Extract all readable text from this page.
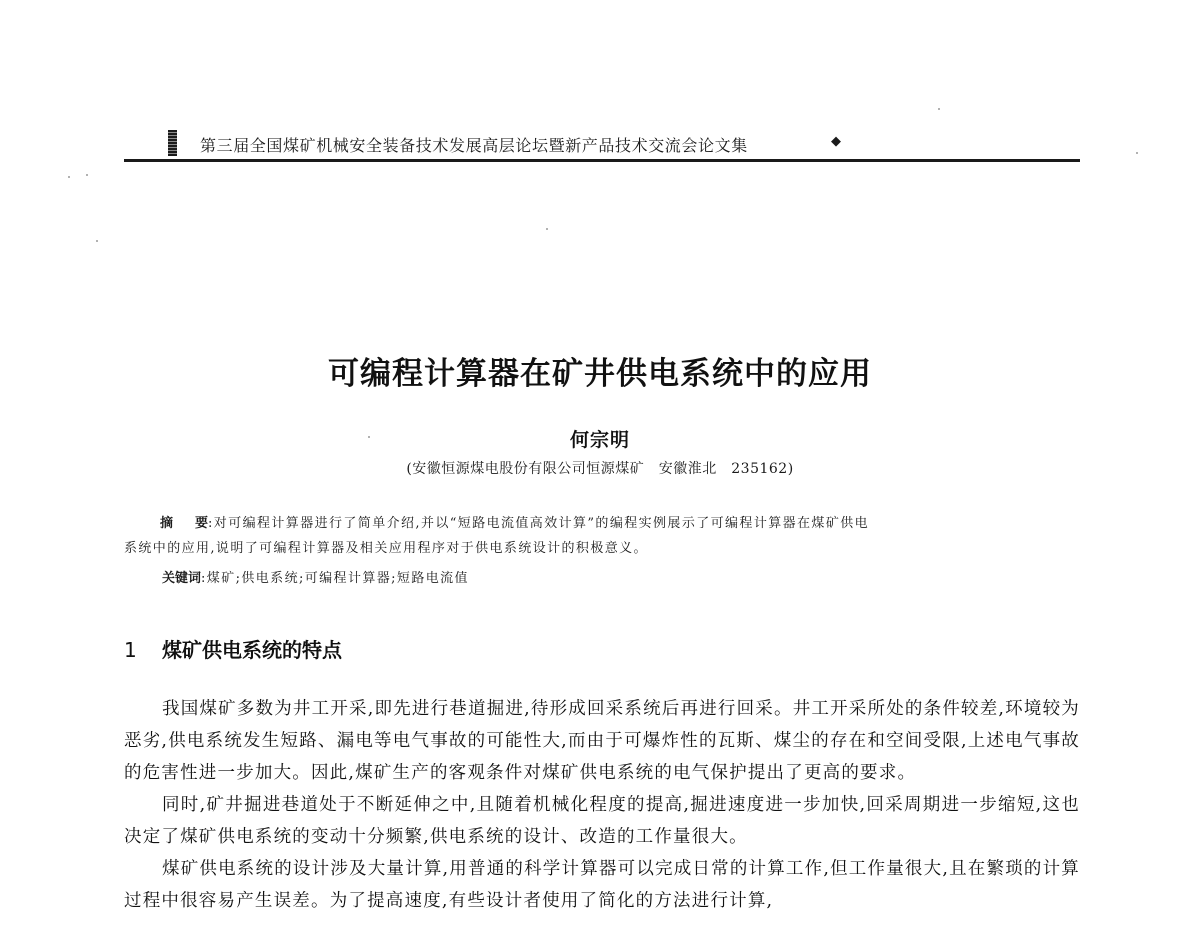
第三届全国煤矿机械安全装备技术发展高层论坛暨新产品技术交流会论文集	◆
可编程计算器在矿井供电系统中的应用
何宗明
(安徽恒源煤电股份有限公司恒源煤矿　安徽淮北　235162)
摘 要:对可编程计算器进行了简单介绍,并以“短路电流值高效计算”的编程实例展示了可编程计算器在煤矿供电
系统中的应用,说明了可编程计算器及相关应用程序对于供电系统设计的积极意义。
关键词:煤矿;供电系统;可编程计算器;短路电流值
1 煤矿供电系统的特点

我国煤矿多数为井工开采,即先进行巷道掘进,待形成回采系统后再进行回采。井工开采所处的条件较差,环境较为恶劣,供电系统发生短路、漏电等电气事故的可能性大,而由于可爆炸性的瓦斯、煤尘的存在和空间受限,上述电气事故的危害性进一步加大。因此,煤矿生产的客观条件对煤矿供电系统的电气保护提出了更高的要求。

同时,矿井掘进巷道处于不断延伸之中,且随着机械化程度的提高,掘进速度进一步加快,回采周期进一步缩短,这也决定了煤矿供电系统的变动十分频繁,供电系统的设计、改造的工作量很大。

煤矿供电系统的设计涉及大量计算,用普通的科学计算器可以完成日常的计算工作,但工作量很大,且在繁琐的计算过程中很容易产生误差。为了提高速度,有些设计者使用了简化的方法进行计算,
